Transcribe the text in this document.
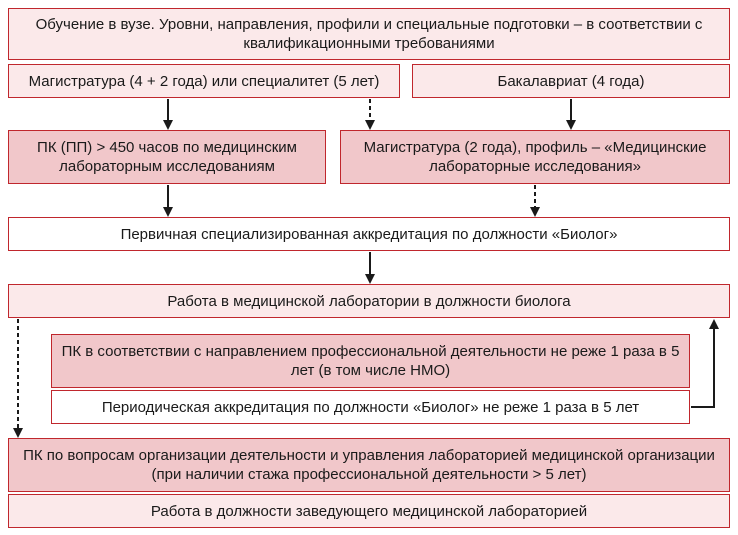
Обучение в вузе. Уровни, направления, профили и специальные подготовки – в соответствии с квалификационными требованиями
Магистратура (4 + 2 года) или специалитет (5 лет)	Бакалавриат (4 года)
ПК (ПП) > 450 часов по медицинским лабораторным исследованиям
Магистратура (2 года), профиль – «Медицинские лабораторные исследования»
Первичная специализированная аккредитация по должности «Биолог»
Работа в медицинской лаборатории в должности биолога
ПК в соответствии с направлением профессиональной деятельности не реже 1 раза в 5 лет (в том числе НМО)
Периодическая аккредитация по должности «Биолог» не реже 1 раза в 5 лет
ПК по вопросам организации деятельности и управления лабораторией медицинской организации (при наличии стажа профессиональной деятельности > 5 лет)
Работа в должности заведующего медицинской лабораторией
